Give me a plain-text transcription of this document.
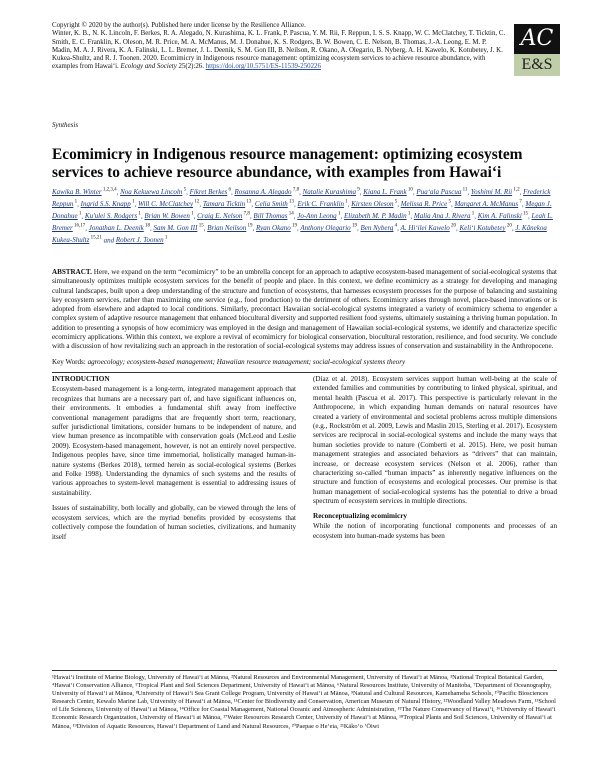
Copyright © 2020 by the author(s). Published here under license by the Resilience Alliance.
Winter, K. B., N. K. Lincoln, F. Berkes, R. A. Alegado, N. Kurashima, K. L. Frank, P. Pascua, Y. M. Rii, F. Reppun, I. S. S. Knapp, W. C. McClatchey, T. Ticktin, C. Smith, E. C. Franklin, K. Oleson, M. R. Price, M. A. McManus, M. J. Donahue, K. S. Rodgers, B. W. Bowen, C. E. Nelson, B. Thomas, J.-A. Leong, E. M. P. Madin, M. A. J. Rivera, K. A. Falinski, L. L. Bremer, J. L. Deenik, S. M. Gon III, B. Neilson, R. Okano, A. Olegario, B. Nyberg, A. H. Kawelo, K. Kotubetey, J. K. Kukea-Shultz, and R. J. Toonen. 2020. Ecomimicry in Indigenous resource management: optimizing ecosystem services to achieve resource abundance, with examples from Hawaiʻi. Ecology and Society 25(2):26. https://doi.org/10.5751/ES-11539-250226
Synthesis
AC
E&S
Ecomimicry in Indigenous resource management: optimizing ecosystem services to achieve resource abundance, with examples from Hawaiʻi
Kawika B. Winter $^{1,2,3,4}$, Noa Kekuewa Lincoln $^5$, Fikret Berkes $^6$, Rosanna A. Alegado $^{7,8}$, Natalie Kurashima $^9$, Kiana L. Frank $^{10}$, Puaʻala Pascua $^{11}$, Yoshimi M. Rii $^{1,2}$, Frederick Reppun $^1$, Ingrid S.S. Knapp $^1$, Will C. McClatchey $^{12}$, Tamara Ticktin $^{13}$, Celia Smith $^{13}$, Erik C. Franklin $^1$, Kirsten Oleson $^5$, Melissa R. Price $^5$, Margaret A. McManus $^7$, Megan J. Donahue $^1$, Ku'ulei S. Rodgers $^1$, Brian W. Bowen $^1$, Craig E. Nelson $^{7,8}$, Bill Thomas $^{14}$, Jo-Ann Leong $^1$, Elizabeth M. P. Madin $^1$, Malia Ana J. Rivera $^1$, Kim A. Falinski $^{15}$, Leah L. Bremer $^{16,17}$, Jonathan L. Deenik $^{18}$, Sam M. Gon III $^{15}$, Brian Neilson $^{19}$, Ryan Okano $^{19}$, Anthony Olegario $^{19}$, Ben Nyberg $^4$, A. Hiʻilei Kawelo $^{20}$, Keliʻi Kotubetey $^{20}$, J. Kānekoa Kukea-Shultz $^{15,21}$ and Robert J. Toonen $^1$
ABSTRACT. Here, we expand on the term “ecomimicry” to be an umbrella concept for an approach to adaptive ecosystem-based management of social-ecological systems that simultaneously optimizes multiple ecosystem services for the benefit of people and place. In this context, we define ecomimicry as a strategy for developing and managing cultural landscapes, built upon a deep understanding of the structure and function of ecosystems, that harnesses ecosystem processes for the purpose of balancing and sustaining key ecosystem services, rather than maximizing one service (e.g., food production) to the detriment of others. Ecomimicry arises through novel, place-based innovations or is adopted from elsewhere and adapted to local conditions. Similarly, precontact Hawaiian social-ecological systems integrated a variety of ecomimicry schema to engender a complex system of adaptive resource management that enhanced biocultural diversity and supported resilient food systems, ultimately sustaining a thriving human population. In addition to presenting a synopsis of how ecomimicry was employed in the design and management of Hawaiian social-ecological systems, we identify and characterize specific ecomimicry applications. Within this context, we explore a revival of ecomimicry for biological conservation, biocultural restoration, resilience, and food security. We conclude with a discussion of how revitalizing such an approach in the restoration of social-ecological systems may address issues of conservation and sustainability in the Anthropocene.
Key Words: agroecology; ecosystem-based management; Hawaiian resource management; social-ecological systems theory
INTRODUCTION

Ecosystem-based management is a long-term, integrated management approach that recognizes that humans are a necessary part of, and have significant influences on, their environments. It embodies a fundamental shift away from ineffective conventional management paradigms that are frequently short term, reactionary, suffer jurisdictional limitations, consider humans to be independent of nature, and view human presence as incompatible with conservation goals (McLeod and Leslie 2009). Ecosystem-based management, however, is not an entirely novel perspective. Indigenous peoples have, since time immemorial, holistically managed human-in-nature systems (Berkes 2018), termed herein as social-ecological systems (Berkes and Folke 1998). Understanding the dynamics of such systems and the results of various approaches to system-level management is essential to addressing issues of sustainability.

Issues of sustainability, both locally and globally, can be viewed through the lens of ecosystem services, which are the myriad benefits provided by ecosystems that collectively compose the foundation of human societies, civilizations, and humanity itself

(Díaz et al. 2018). Ecosystem services support human well-being at the scale of extended families and communities by contributing to linked physical, spiritual, and mental health (Pascua et al. 2017). This perspective is particularly relevant in the Anthropocene, in which expanding human demands on natural resources have created a variety of environmental and societal problems across multiple dimensions (e.g., Rockström et al. 2009, Lewis and Maslin 2015, Sterling et al. 2017). Ecosystem services are reciprocal in social-ecological systems and include the many ways that human societies provide to nature (Comberti et al. 2015). Here, we posit human management strategies and associated behaviors as “drivers” that can maintain, increase, or decrease ecosystem services (Nelson et al. 2006), rather than characterizing so-called “human impacts” as inherently negative influences on the structure and function of ecosystems and ecological processes. Our premise is that human management of social-ecological systems has the potential to drive a broad spectrum of ecosystem services in multiple directions.

Reconceptualizing ecomimicry

While the notion of incorporating functional components and processes of an ecosystem into human-made systems has been

¹Hawaiʻi Institute of Marine Biology, University of Hawaiʻi at Mānoa, ²Natural Resources and Environmental Management, University of Hawaiʻi at Mānoa, ³National Tropical Botanical Garden, ⁴Hawaiʻi Conservation Alliance, ⁵Tropical Plant and Soil Sciences Department, University of Hawaiʻi at Mānoa, ⁶Natural Resources Institute, University of Manitoba, ⁷Department of Oceanography, University of Hawaiʻi at Mānoa, ⁸University of Hawaiʻi Sea Grant College Program, University of Hawaiʻi at Mānoa, ⁹Natural and Cultural Resources, Kamehameha Schools, ¹⁰Pacific Biosciences Research Center, Kewalo Marine Lab, University of Hawaiʻi at Mānoa, ¹¹Center for Biodiversity and Conservation, American Museum of Natural History, ¹²Woodland Valley Meadows Farm, ¹³School of Life Sciences, University of Hawaiʻi at Mānoa, ¹⁴Office for Coastal Management, National Oceanic and Atmospheric Administration, ¹⁵The Nature Conservancy of Hawaiʻi, ¹⁶University of Hawaiʻi Economic Research Organization, University of Hawaiʻi at Mānoa, ¹⁷Water Resources Research Center, University of Hawaiʻi at Mānoa, ¹⁸Tropical Plants and Soil Sciences, University of Hawaiʻi at Mānoa, ¹⁹Division of Aquatic Resources, Hawaiʻi Department of Land and Natural Resources, ²⁰Paepae o Heʻeia, ²¹Kākoʻo ʻŌiwi
